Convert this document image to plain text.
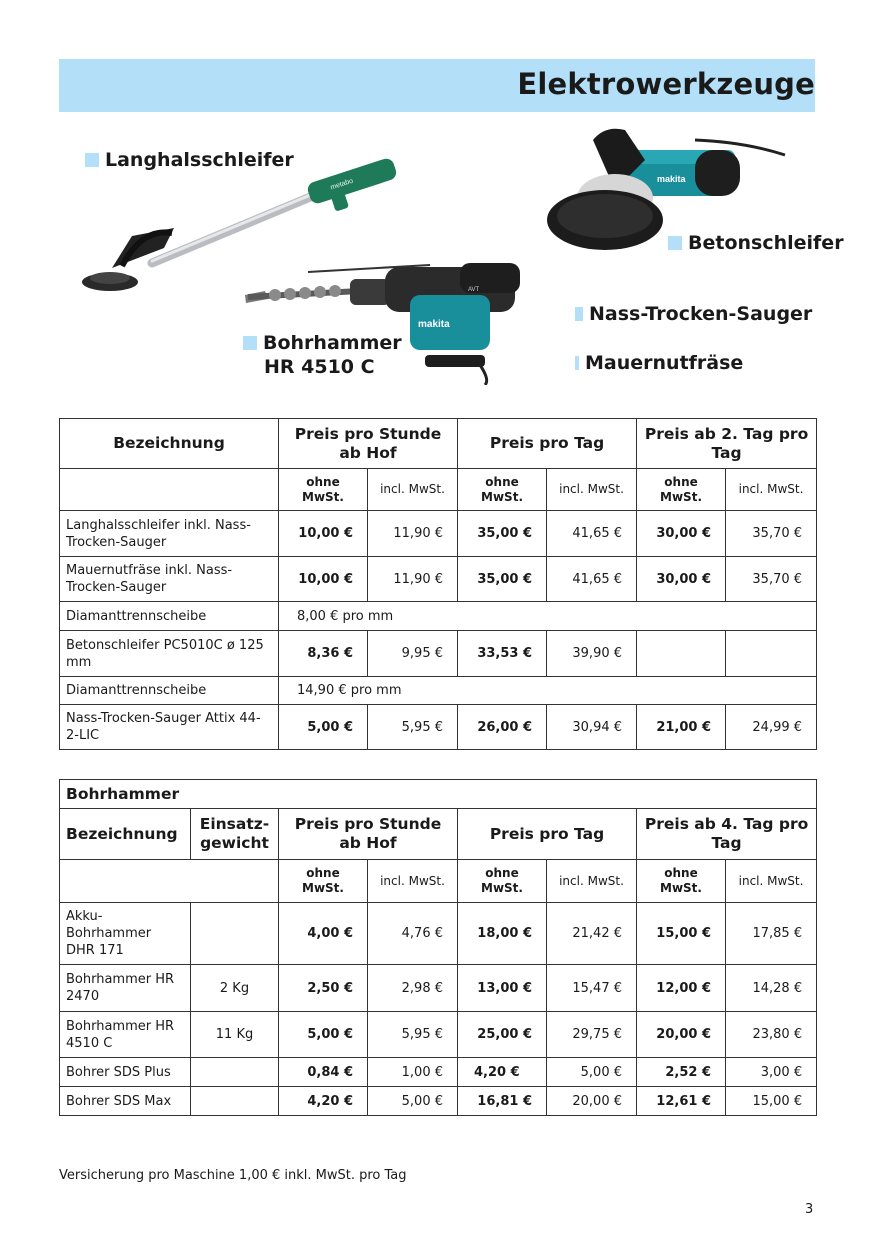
Elektrowerkzeuge
Langhalsschleifer
Betonschleifer
Bohrhammer
HR 4510 C
Nass-Trocken-Sauger
Mauernutfräse
metabo	makita
makita
AVT
Bezeichnung	Preis pro Stunde ab Hof		Preis pro Tag		Preis ab 2. Tag pro Tag	
	ohne MwSt.	incl. MwSt.	ohne MwSt.	incl. MwSt.	ohne MwSt.	incl. MwSt.
Langhalsschleifer inkl. Nass-Trocken-Sauger	10,00 €	11,90 €	35,00 €	41,65 €	30,00 €	35,70 €
Mauernutfräse inkl. Nass-Trocken-Sauger	10,00 €	11,90 €	35,00 €	41,65 €	30,00 €	35,70 €
Diamanttrennscheibe	8,00 € pro mm					
Betonschleifer PC5010C ø 125 mm	8,36 €	9,95 €	33,53 €	39,90 €		
Diamanttrennscheibe	14,90 € pro mm					
Nass-Trocken-Sauger Attix 44-2-LIC	5,00 €	5,95 €	26,00 €	30,94 €	21,00 €	24,99 €
Bohrhammer							
Bezeichnung	Einsatz- gewicht	Preis pro Stunde ab Hof		Preis pro Tag		Preis ab 4. Tag pro Tag	
		ohne MwSt.	incl. MwSt.	ohne MwSt.	incl. MwSt.	ohne MwSt.	incl. MwSt.
Akku- Bohrhammer DHR 171		4,00 €	4,76 €	18,00 €	21,42 €	15,00 €	17,85 €
Bohrhammer HR 2470	2 Kg	2,50 €	2,98 €	13,00 €	15,47 €	12,00 €	14,28 €
Bohrhammer HR 4510 C	11 Kg	5,00 €	5,95 €	25,00 €	29,75 €	20,00 €	23,80 €
Bohrer SDS Plus		0,84 €	1,00 €	4,20 €	5,00 €	2,52 €	3,00 €
Bohrer SDS Max		4,20 €	5,00 €	16,81 €	20,00 €	12,61 €	15,00 €
Versicherung pro Maschine 1,00 € inkl. MwSt. pro Tag
3
